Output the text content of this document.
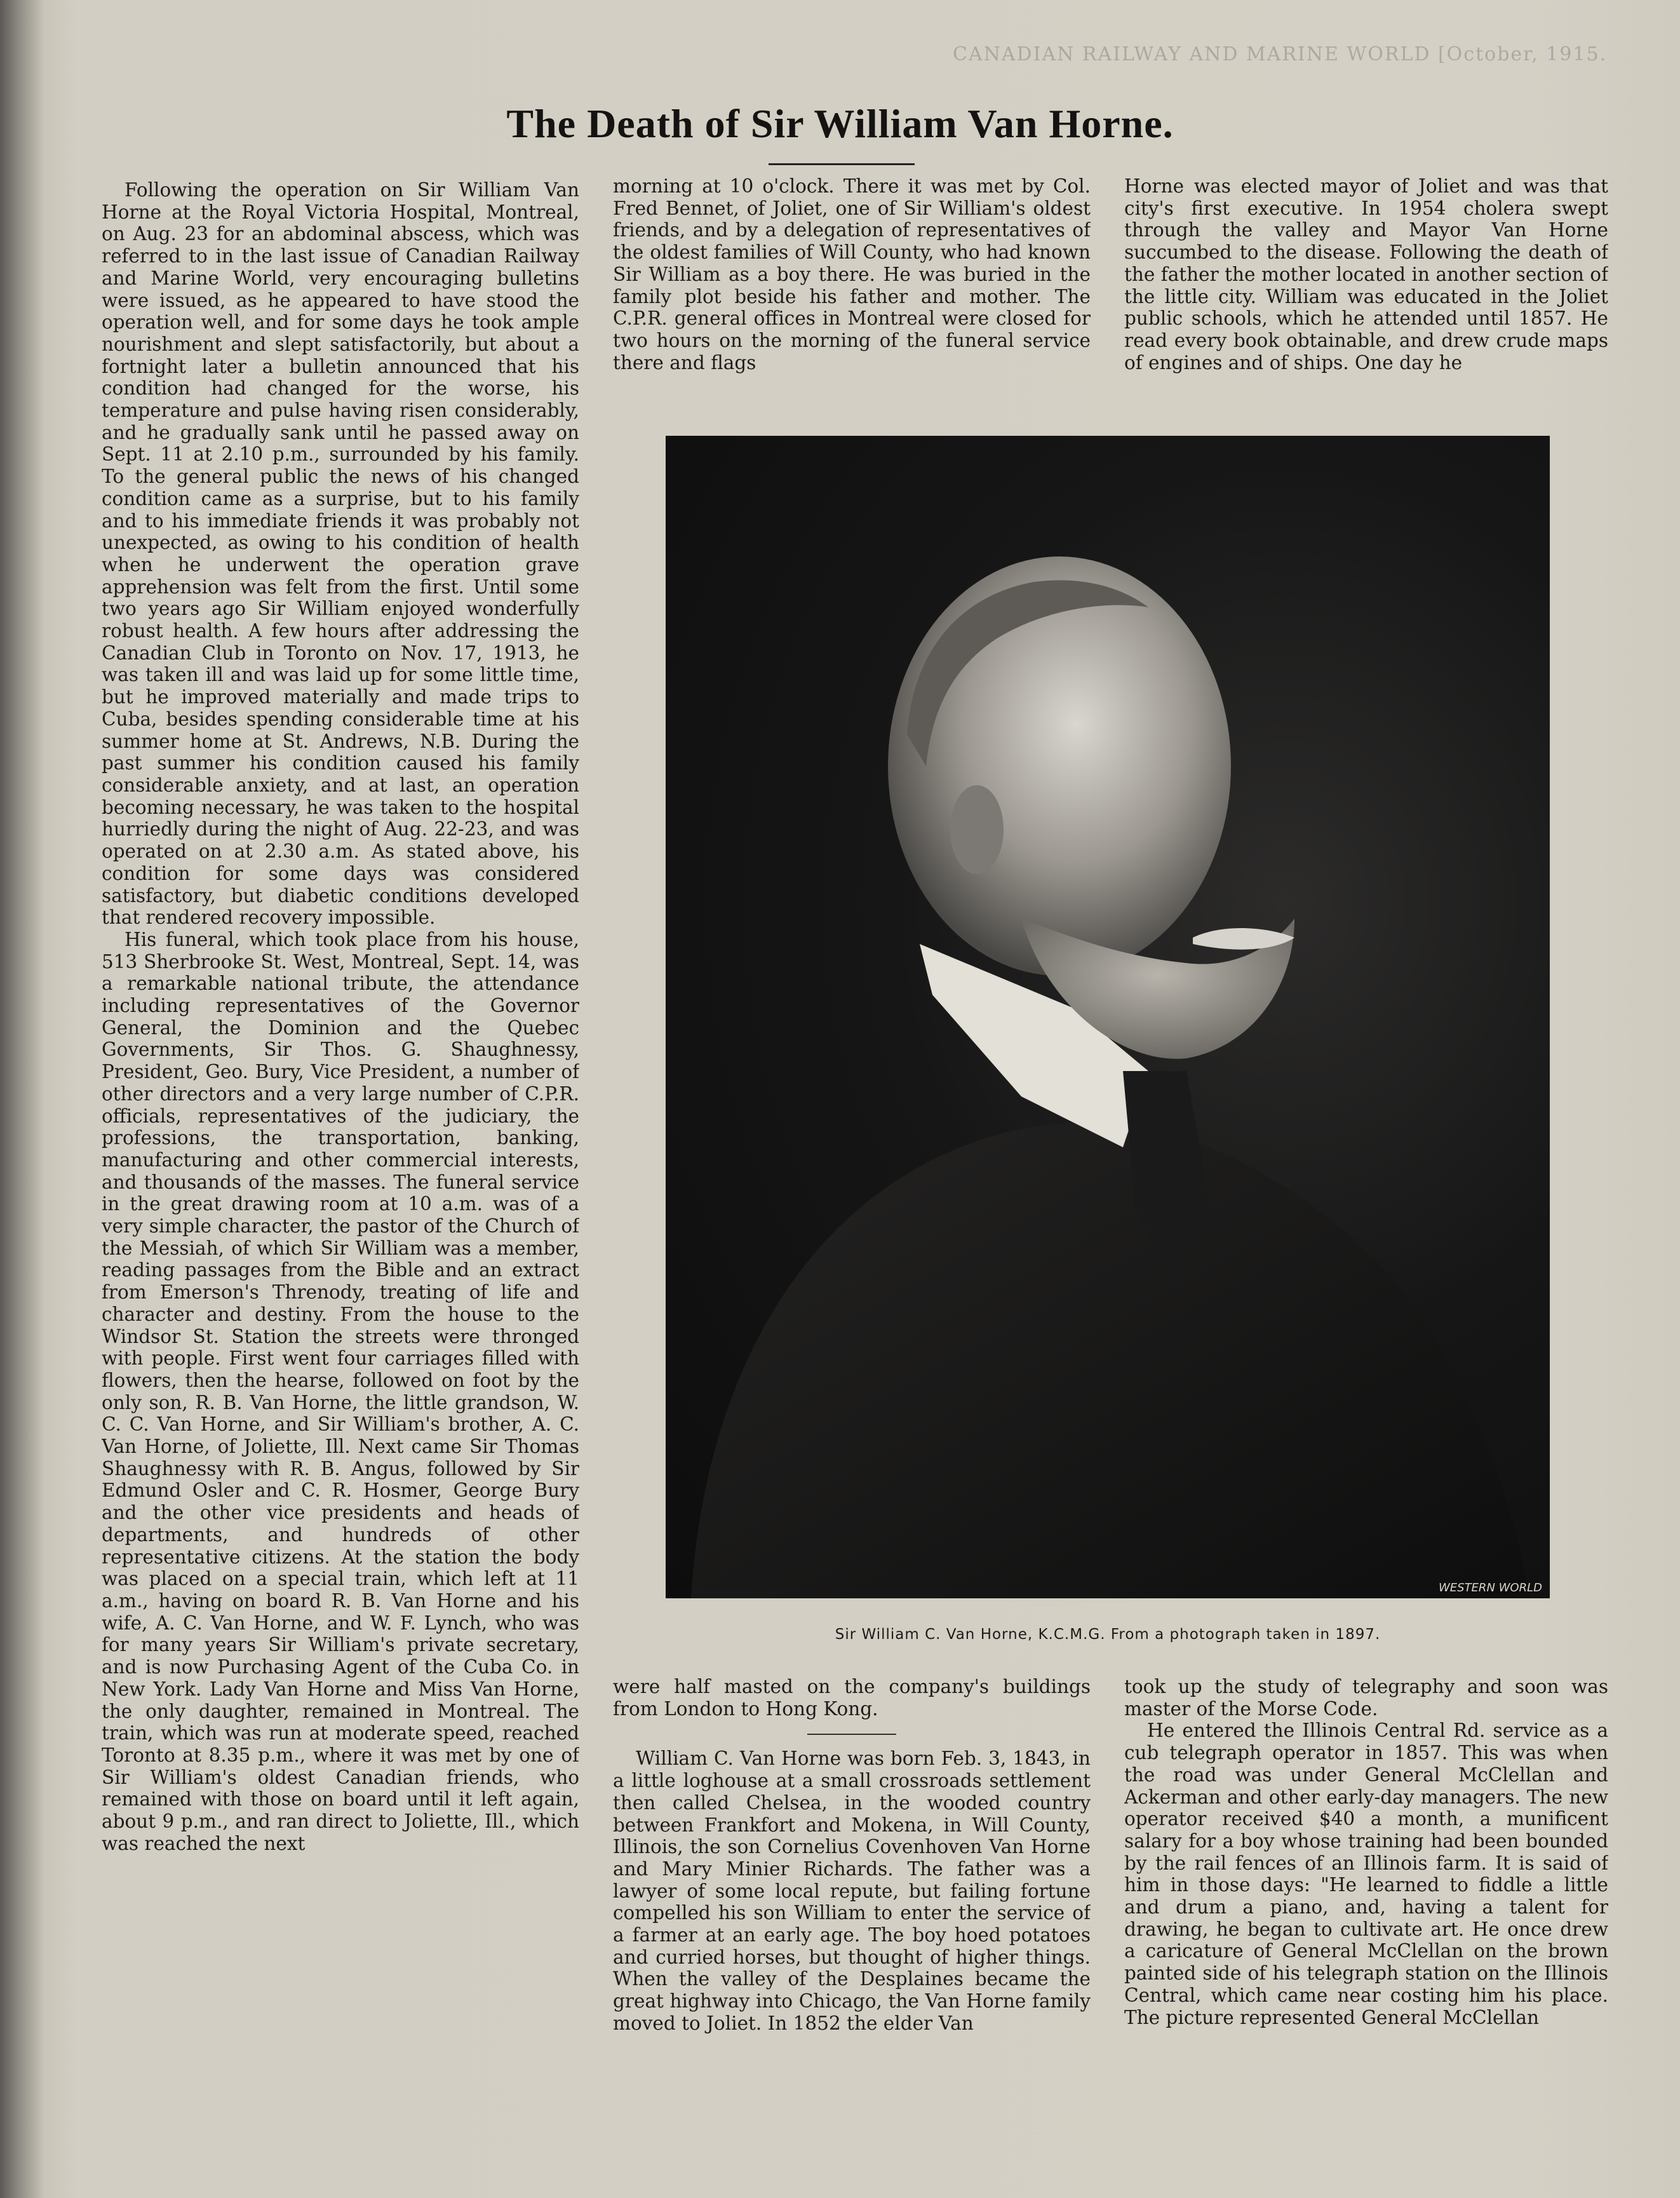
CANADIAN RAILWAY AND MARINE WORLD [October, 1915.
The Death of Sir William Van Horne.

Following the operation on Sir William Van Horne at the Royal Victoria Hospital, Montreal, on Aug. 23 for an abdominal abscess, which was referred to in the last issue of Canadian Railway and Marine World, very encouraging bulletins were issued, as he appeared to have stood the operation well, and for some days he took ample nourishment and slept satisfactorily, but about a fortnight later a bulletin announced that his condition had changed for the worse, his temperature and pulse having risen considerably, and he gradually sank until he passed away on Sept. 11 at 2.10 p.m., surrounded by his family. To the general public the news of his changed condition came as a surprise, but to his family and to his immediate friends it was probably not unexpected, as owing to his condition of health when he underwent the operation grave apprehension was felt from the first. Until some two years ago Sir William enjoyed wonderfully robust health. A few hours after addressing the Canadian Club in Toronto on Nov. 17, 1913, he was taken ill and was laid up for some little time, but he improved materially and made trips to Cuba, besides spending considerable time at his summer home at St. Andrews, N.B. During the past summer his condition caused his family considerable anxiety, and at last, an operation becoming necessary, he was taken to the hospital hurriedly during the night of Aug. 22-23, and was operated on at 2.30 a.m. As stated above, his condition for some days was considered satisfactory, but diabetic conditions developed that rendered recovery impossible.

His funeral, which took place from his house, 513 Sherbrooke St. West, Montreal, Sept. 14, was a remarkable national tribute, the attendance including representatives of the Governor General, the Dominion and the Quebec Governments, Sir Thos. G. Shaughnessy, President, Geo. Bury, Vice President, a number of other directors and a very large number of C.P.R. officials, representatives of the judiciary, the professions, the transportation, banking, manufacturing and other commercial interests, and thousands of the masses. The funeral service in the great drawing room at 10 a.m. was of a very simple character, the pastor of the Church of the Messiah, of which Sir William was a member, reading passages from the Bible and an extract from Emerson's Threnody, treating of life and character and destiny. From the house to the Windsor St. Station the streets were thronged with people. First went four carriages filled with flowers, then the hearse, followed on foot by the only son, R. B. Van Horne, the little grandson, W. C. C. Van Horne, and Sir William's brother, A. C. Van Horne, of Joliette, Ill. Next came Sir Thomas Shaughnessy with R. B. Angus, followed by Sir Edmund Osler and C. R. Hosmer, George Bury and the other vice presidents and heads of departments, and hundreds of other representative citizens. At the station the body was placed on a special train, which left at 11 a.m., having on board R. B. Van Horne and his wife, A. C. Van Horne, and W. F. Lynch, who was for many years Sir William's private secretary, and is now Purchasing Agent of the Cuba Co. in New York. Lady Van Horne and Miss Van Horne, the only daughter, remained in Montreal. The train, which was run at moderate speed, reached Toronto at 8.35 p.m., where it was met by one of Sir William's oldest Canadian friends, who remained with those on board until it left again, about 9 p.m., and ran direct to Joliette, Ill., which was reached the next

morning at 10 o'clock. There it was met by Col. Fred Bennet, of Joliet, one of Sir William's oldest friends, and by a delegation of representatives of the oldest families of Will County, who had known Sir William as a boy there. He was buried in the family plot beside his father and mother. The C.P.R. general offices in Montreal were closed for two hours on the morning of the funeral service there and flags

Horne was elected mayor of Joliet and was that city's first executive. In 1954 cholera swept through the valley and Mayor Van Horne succumbed to the disease. Following the death of the father the mother located in another section of the little city. William was educated in the Joliet public schools, which he attended until 1857. He read every book obtainable, and drew crude maps of engines and of ships. One day he

WESTERN WORLD
Sir William C. Van Horne, K.C.M.G. From a photograph taken in 1897.

were half masted on the company's buildings from London to Hong Kong.

William C. Van Horne was born Feb. 3, 1843, in a little loghouse at a small crossroads settlement then called Chelsea, in the wooded country between Frankfort and Mokena, in Will County, Illinois, the son Cornelius Covenhoven Van Horne and Mary Minier Richards. The father was a lawyer of some local repute, but failing fortune compelled his son William to enter the service of a farmer at an early age. The boy hoed potatoes and curried horses, but thought of higher things. When the valley of the Desplaines became the great highway into Chicago, the Van Horne family moved to Joliet. In 1852 the elder Van

took up the study of telegraphy and soon was master of the Morse Code.

He entered the Illinois Central Rd. service as a cub telegraph operator in 1857. This was when the road was under General McClellan and Ackerman and other early-day managers. The new operator received $40 a month, a munificent salary for a boy whose training had been bounded by the rail fences of an Illinois farm. It is said of him in those days: "He learned to fiddle a little and drum a piano, and, having a talent for drawing, he began to cultivate art. He once drew a caricature of General McClellan on the brown painted side of his telegraph station on the Illinois Central, which came near costing him his place. The picture represented General McClellan
